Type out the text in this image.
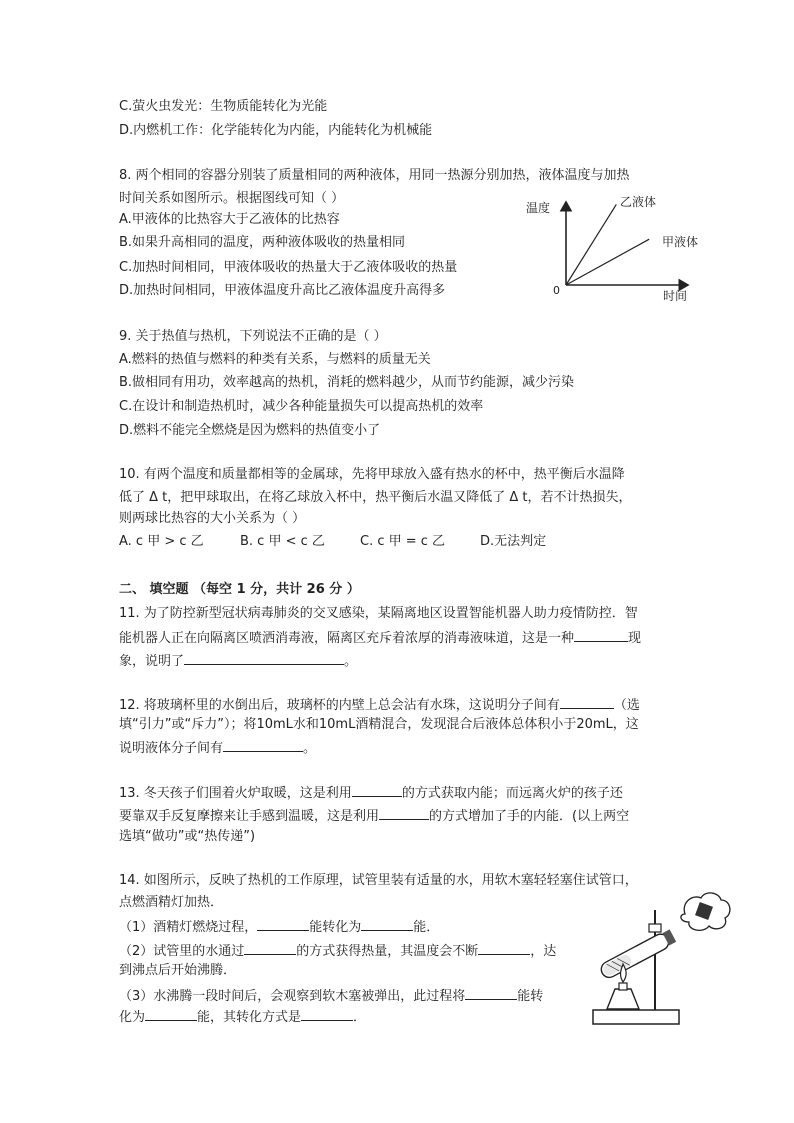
C.萤火虫发光：生物质能转化为光能
D.内燃机工作：化学能转化为内能，内能转化为机械能
8. 两个相同的容器分别装了质量相同的两种液体，用同一热源分别加热，液体温度与加热
时间关系如图所示。根据图线可知（ ）
A.甲液体的比热容大于乙液体的比热容
B.如果升高相同的温度，两种液体吸收的热量相同
C.加热时间相同，甲液体吸收的热量大于乙液体吸收的热量
D.加热时间相同，甲液体温度升高比乙液体温度升高得多
温度
时间
0
乙液体
甲液体
9. 关于热值与热机，下列说法不正确的是（ ）
A.燃料的热值与燃料的种类有关系，与燃料的质量无关
B.做相同有用功，效率越高的热机，消耗的燃料越少，从而节约能源，减少污染
C.在设计和制造热机时，减少各种能量损失可以提高热机的效率
D.燃料不能完全燃烧是因为燃料的热值变小了
10. 有两个温度和质量都相等的金属球，先将甲球放入盛有热水的杯中，热平衡后水温降
低了 Δ t，把甲球取出，在将乙球放入杯中，热平衡后水温又降低了 Δ t，若不计热损失，
则两球比热容的大小关系为（ ）
A. c 甲 > c 乙	B. c 甲 < c 乙	C. c 甲 = c 乙	D.无法判定
二、 填空题 （每空 1 分，共计 26 分 ）
11. 为了防控新型冠状病毒肺炎的交叉感染，某隔离地区设置智能机器人助力疫情防控．智
能机器人正在向隔离区喷洒消毒液，隔离区充斥着浓厚的消毒液味道，这是一种	现
象，说明了	。
12. 将玻璃杯里的水倒出后，玻璃杯的内壁上总会沾有水珠，这说明分子间有	（选
填“引力”或“斥力”）；将10mL水和10mL酒精混合，发现混合后液体总体积小于20mL，这
说明液体分子间有	。
13. 冬天孩子们围着火炉取暖，这是利用	的方式获取内能；而远离火炉的孩子还
要靠双手反复摩擦来让手感到温暖，这是利用	的方式增加了手的内能．(以上两空
选填“做功”或“热传递”)
14. 如图所示，反映了热机的工作原理，试管里装有适量的水，用软木塞轻轻塞住试管口，
点燃酒精灯加热．
（1）酒精灯燃烧过程，	能转化为	能．
（2）试管里的水通过	的方式获得热量，其温度会不断	，达
到沸点后开始沸腾．
（3）水沸腾一段时间后，会观察到软木塞被弹出，此过程将	能转
化为	能，其转化方式是	．
